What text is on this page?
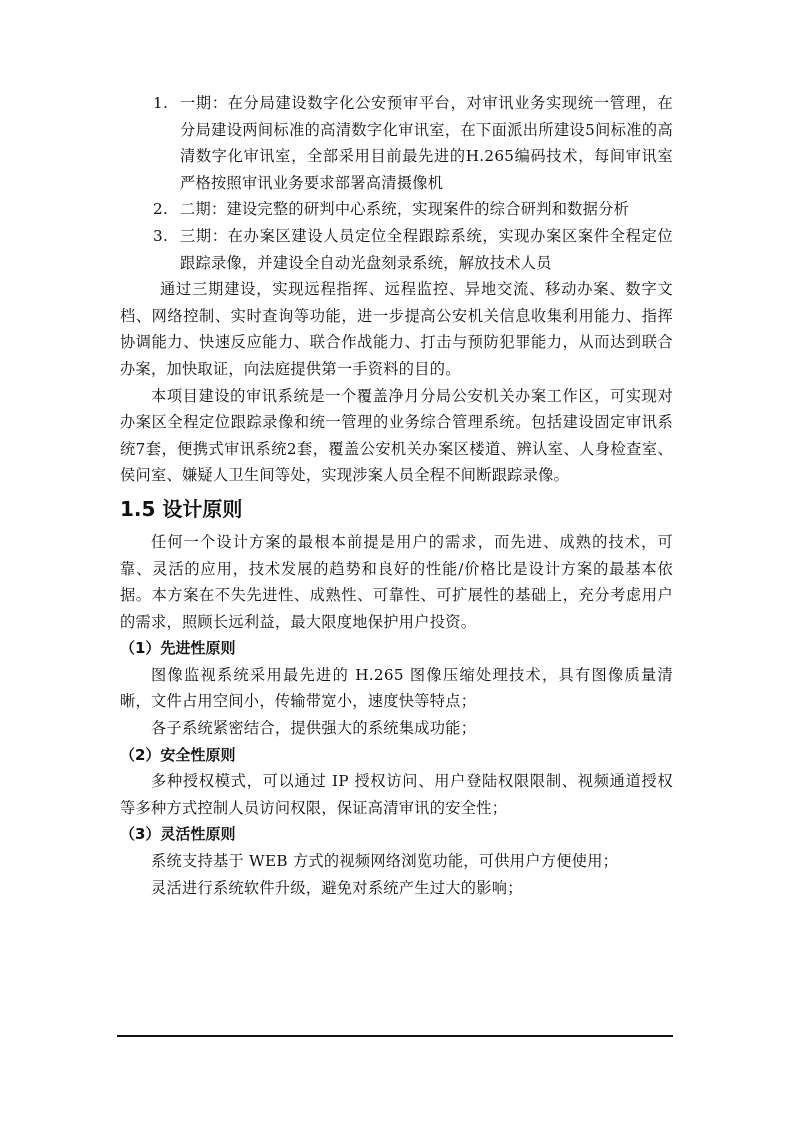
1. 一期：在分局建设数字化公安预审平台，对审讯业务实现统一管理，在分局建设两间标准的高清数字化审讯室，在下面派出所建设5间标准的高清数字化审讯室，全部采用目前最先进的H.265编码技术，每间审讯室严格按照审讯业务要求部署高清摄像机
2. 二期：建设完整的研判中心系统，实现案件的综合研判和数据分析
3. 三期：在办案区建设人员定位全程跟踪系统，实现办案区案件全程定位跟踪录像，并建设全自动光盘刻录系统，解放技术人员

通过三期建设，实现远程指挥、远程监控、异地交流、移动办案、数字文档、网络控制、实时查询等功能，进一步提高公安机关信息收集利用能力、指挥协调能力、快速反应能力、联合作战能力、打击与预防犯罪能力，从而达到联合办案，加快取证，向法庭提供第一手资料的目的。

本项目建设的审讯系统是一个覆盖净月分局公安机关办案工作区，可实现对办案区全程定位跟踪录像和统一管理的业务综合管理系统。包括建设固定审讯系统7套，便携式审讯系统2套，覆盖公安机关办案区楼道、辨认室、人身检查室、侯问室、嫌疑人卫生间等处，实现涉案人员全程不间断跟踪录像。

1.5 设计原则

任何一个设计方案的最根本前提是用户的需求，而先进、成熟的技术，可靠、灵活的应用，技术发展的趋势和良好的性能/价格比是设计方案的最基本依据。本方案在不失先进性、成熟性、可靠性、可扩展性的基础上，充分考虑用户的需求，照顾长远利益，最大限度地保护用户投资。

（1）先进性原则

图像监视系统采用最先进的 H.265 图像压缩处理技术，具有图像质量清晰，文件占用空间小，传输带宽小，速度快等特点；

各子系统紧密结合，提供强大的系统集成功能；

（2）安全性原则

多种授权模式，可以通过 IP 授权访问、用户登陆权限限制、视频通道授权等多种方式控制人员访问权限，保证高清审讯的安全性；

（3）灵活性原则

系统支持基于 WEB 方式的视频网络浏览功能，可供用户方便使用；

灵活进行系统软件升级，避免对系统产生过大的影响；
